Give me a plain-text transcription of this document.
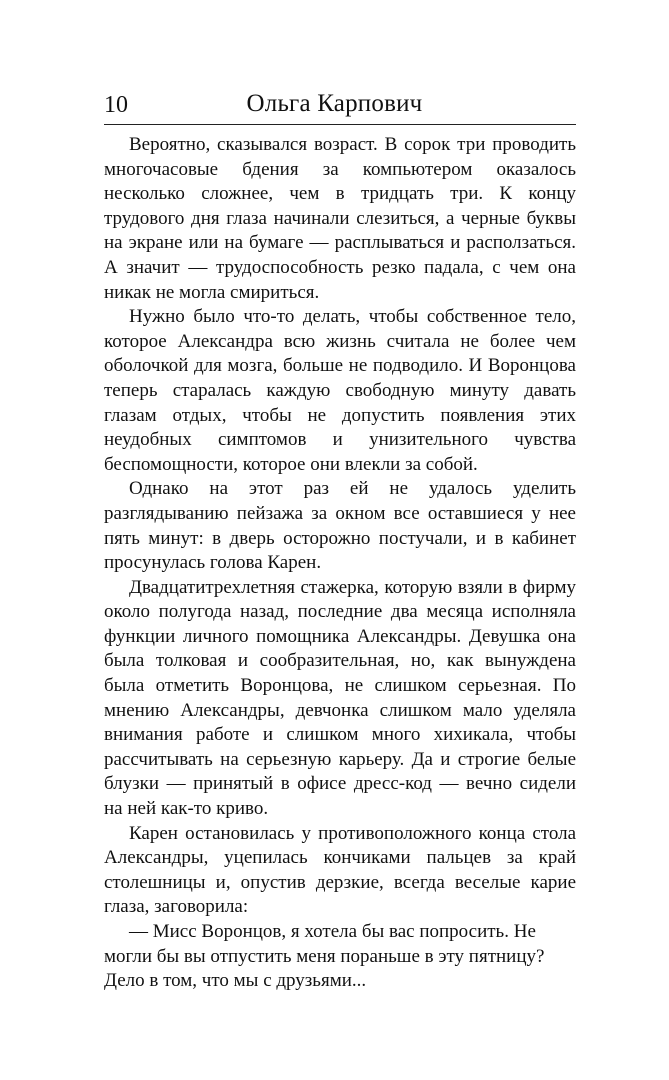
10	Ольга Карпович

Вероятно, сказывался возраст. В сорок три проводить многочасовые бдения за компьютером оказалось несколько сложнее, чем в тридцать три. К концу трудового дня глаза начинали слезиться, а черные буквы на экране или на бумаге — расплываться и расползаться. А значит — трудоспособность резко падала, с чем она никак не могла смириться.

Нужно было что-то делать, чтобы собственное тело, которое Александра всю жизнь считала не более чем оболочкой для мозга, больше не подводило. И Воронцова теперь старалась каждую свободную минуту давать глазам отдых, чтобы не допустить появления этих неудобных симптомов и унизительного чувства беспомощности, которое они влекли за собой.

Однако на этот раз ей не удалось уделить разглядыванию пейзажа за окном все оставшиеся у нее пять минут: в дверь осторожно постучали, и в кабинет просунулась голова Карен.

Двадцатитрехлетняя стажерка, которую взяли в фирму около полугода назад, последние два месяца исполняла функции личного помощника Александры. Девушка она была толковая и сообразительная, но, как вынуждена была отметить Воронцова, не слишком серьезная. По мнению Александры, девчонка слишком мало уделяла внимания работе и слишком много хихикала, чтобы рассчитывать на серьезную карьеру. Да и строгие белые блузки — принятый в офисе дресс-код — вечно сидели на ней как-то криво.

Карен остановилась у противоположного конца стола Александры, уцепилась кончиками пальцев за край столешницы и, опустив дерзкие, всегда веселые карие глаза, заговорила:

— Мисс Воронцов, я хотела бы вас попросить. Не могли бы вы отпустить меня пораньше в эту пятницу? Дело в том, что мы с друзьями...
